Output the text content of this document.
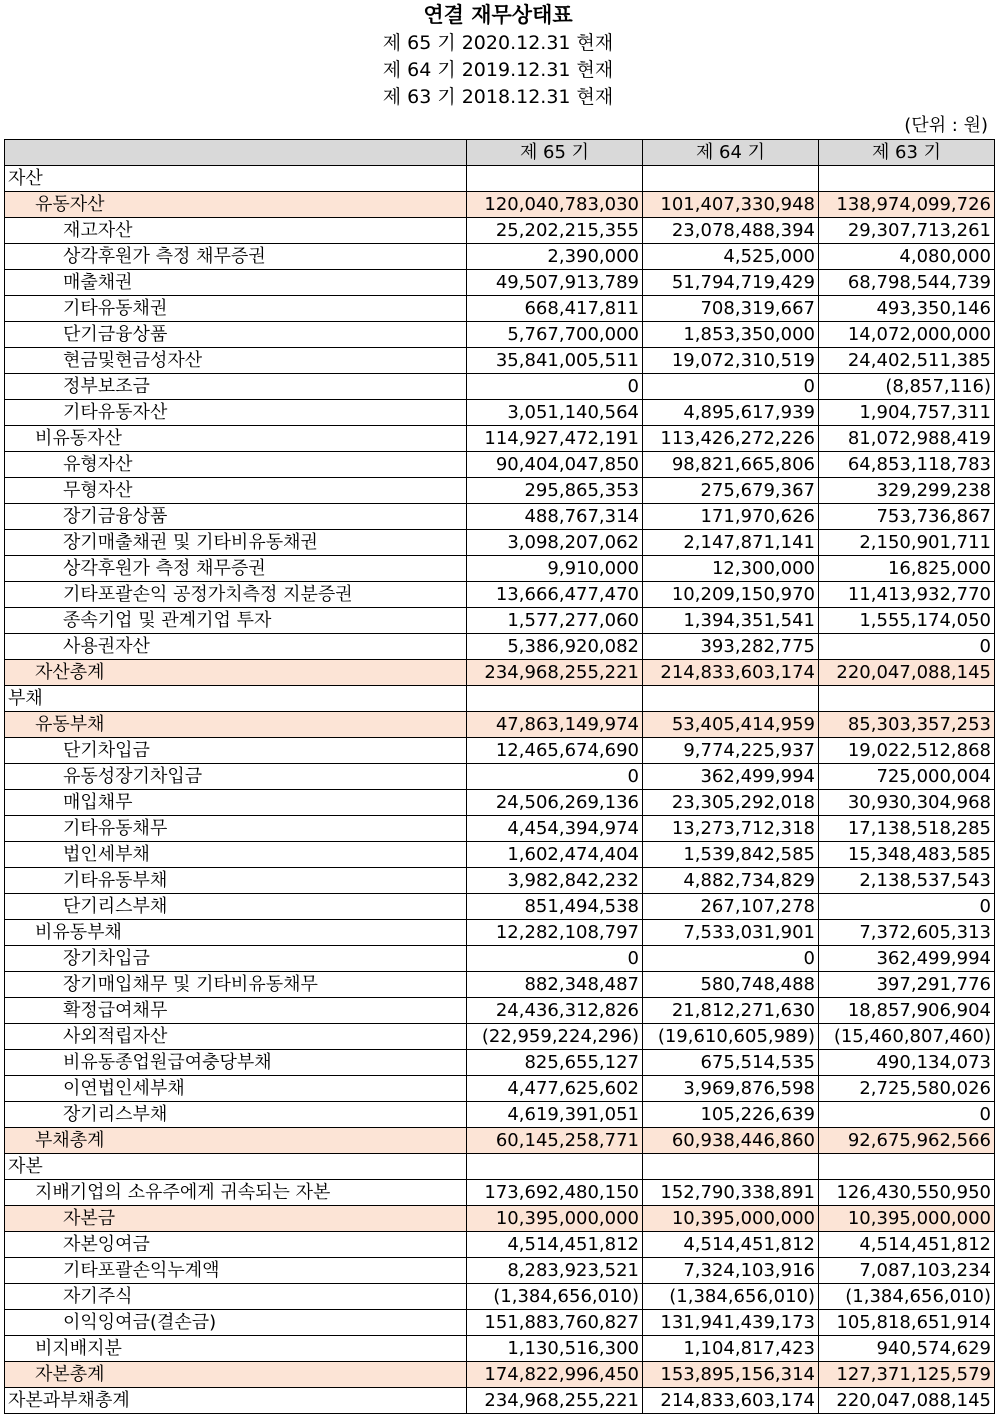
연결 재무상태표
제 65 기 2020.12.31 현재
제 64 기 2019.12.31 현재
제 63 기 2018.12.31 현재
(단위 : 원)
	제 65 기	제 64 기	제 63 기
자산			
유동자산	120,040,783,030	101,407,330,948	138,974,099,726
재고자산	25,202,215,355	23,078,488,394	29,307,713,261
상각후원가 측정 채무증권	2,390,000	4,525,000	4,080,000
매출채권	49,507,913,789	51,794,719,429	68,798,544,739
기타유동채권	668,417,811	708,319,667	493,350,146
단기금융상품	5,767,700,000	1,853,350,000	14,072,000,000
현금및현금성자산	35,841,005,511	19,072,310,519	24,402,511,385
정부보조금	0	0	(8,857,116)
기타유동자산	3,051,140,564	4,895,617,939	1,904,757,311
비유동자산	114,927,472,191	113,426,272,226	81,072,988,419
유형자산	90,404,047,850	98,821,665,806	64,853,118,783
무형자산	295,865,353	275,679,367	329,299,238
장기금융상품	488,767,314	171,970,626	753,736,867
장기매출채권 및 기타비유동채권	3,098,207,062	2,147,871,141	2,150,901,711
상각후원가 측정 채무증권	9,910,000	12,300,000	16,825,000
기타포괄손익 공정가치측정 지분증권	13,666,477,470	10,209,150,970	11,413,932,770
종속기업 및 관계기업 투자	1,577,277,060	1,394,351,541	1,555,174,050
사용권자산	5,386,920,082	393,282,775	0
자산총계	234,968,255,221	214,833,603,174	220,047,088,145
부채			
유동부채	47,863,149,974	53,405,414,959	85,303,357,253
단기차입금	12,465,674,690	9,774,225,937	19,022,512,868
유동성장기차입금	0	362,499,994	725,000,004
매입채무	24,506,269,136	23,305,292,018	30,930,304,968
기타유동채무	4,454,394,974	13,273,712,318	17,138,518,285
법인세부채	1,602,474,404	1,539,842,585	15,348,483,585
기타유동부채	3,982,842,232	4,882,734,829	2,138,537,543
단기리스부채	851,494,538	267,107,278	0
비유동부채	12,282,108,797	7,533,031,901	7,372,605,313
장기차입금	0	0	362,499,994
장기매입채무 및 기타비유동채무	882,348,487	580,748,488	397,291,776
확정급여채무	24,436,312,826	21,812,271,630	18,857,906,904
사외적립자산	(22,959,224,296)	(19,610,605,989)	(15,460,807,460)
비유동종업원급여충당부채	825,655,127	675,514,535	490,134,073
이연법인세부채	4,477,625,602	3,969,876,598	2,725,580,026
장기리스부채	4,619,391,051	105,226,639	0
부채총계	60,145,258,771	60,938,446,860	92,675,962,566
자본			
지배기업의 소유주에게 귀속되는 자본	173,692,480,150	152,790,338,891	126,430,550,950
자본금	10,395,000,000	10,395,000,000	10,395,000,000
자본잉여금	4,514,451,812	4,514,451,812	4,514,451,812
기타포괄손익누계액	8,283,923,521	7,324,103,916	7,087,103,234
자기주식	(1,384,656,010)	(1,384,656,010)	(1,384,656,010)
이익잉여금(결손금)	151,883,760,827	131,941,439,173	105,818,651,914
비지배지분	1,130,516,300	1,104,817,423	940,574,629
자본총계	174,822,996,450	153,895,156,314	127,371,125,579
자본과부채총계	234,968,255,221	214,833,603,174	220,047,088,145
